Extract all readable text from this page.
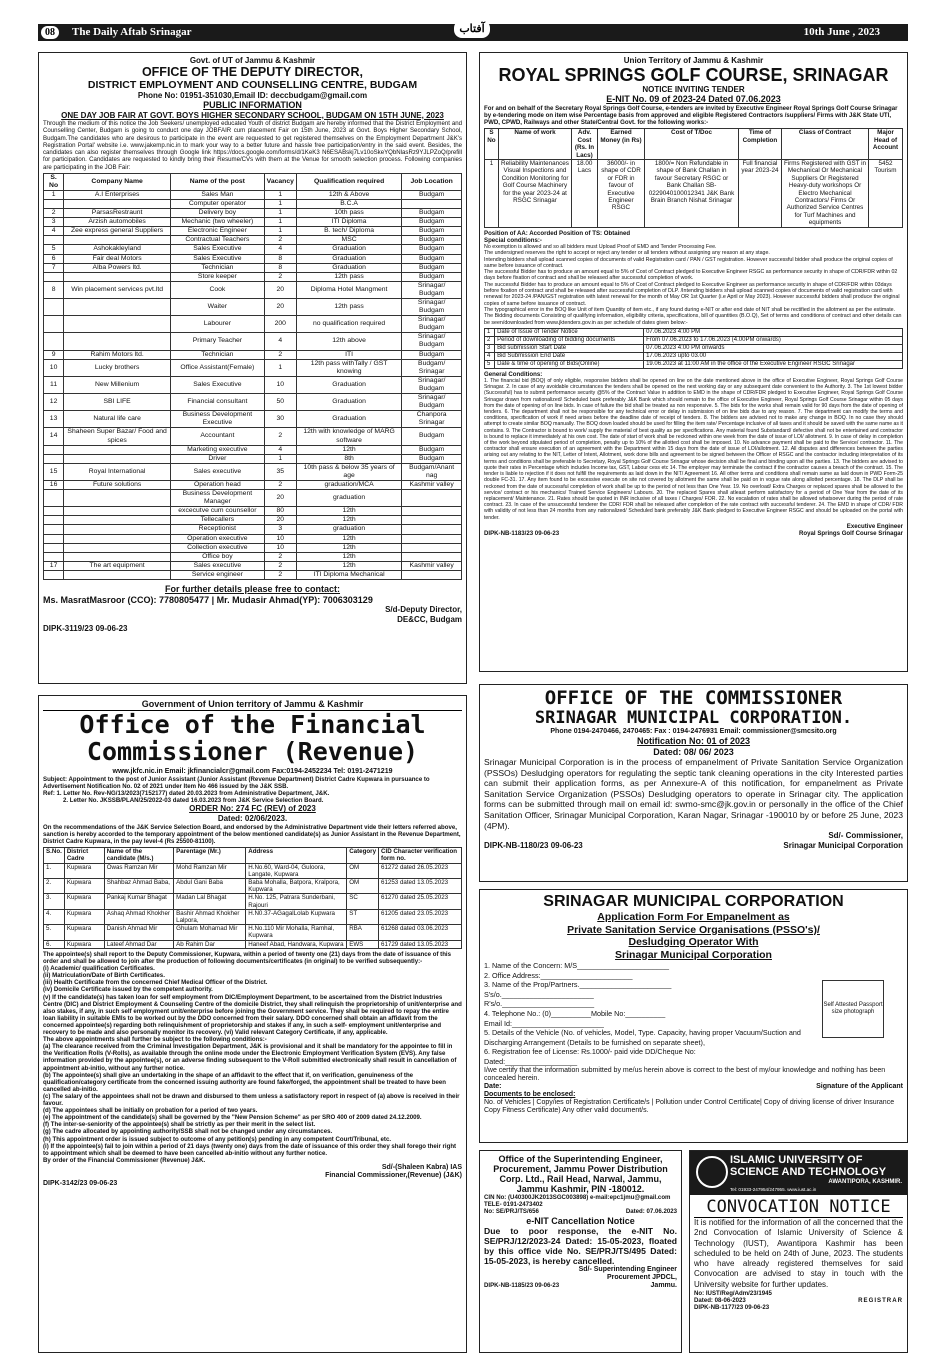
08	The Daily Aftab Srinagar	آفتاب	10th June , 2023

Govt. of UT of Jammu & Kashmir

OFFICE OF THE DEPUTY DIRECTOR,

DISTRICT EMPLOYMENT AND COUNSELLING CENTRE, BUDGAM

Phone No: 01951-351030,Email ID: deccbudgam@gmail.com

PUBLIC INFORMATION

ONE DAY JOB FAIR AT GOVT. BOYS HIGHER SECONDARY SCHOOL, BUDGAM ON 15TH JUNE, 2023

Through the medium of this notice the Job Seekers/ unemployed educated Youth of district Budgam are hereby informed that the District Employment and Counselling Center, Budgam is going to conduct one day JOBFAIR cum placement Fair on 15th June, 2023 at Govt. Boys Higher Secondary School, Budgam.The candidates who are desirous to participate in the event are requested to get registered themselves on the Employment Department J&K's Registration Portal' website i.e. www.jakemp.nic.in to mark your way to a better future and hassle free participation/entry in the said event. Besides, the candidates can also register themselves through Google link https://docs.google.com/forms/d/1KeK3 N6ESABskj7Lv10oSkeYQbNlasRz9YJLPZoQ/prefill for participation. Candidates are requested to kindly bring their Resume/CVs with them at the Venue for smooth selection process. Following companies are participating in the JOB Fair:

S. No	Company Name	Name of the post	Vacancy	Qualification required	Job Location
1	A.I Enterprises	Sales Man	1	12th & Above	Budgam
		Computer operator	1	B.C.A	
2	ParsasRestraunt	Delivery boy	1	10th pass	Budgam
3	Arzish automobiles	Mechanic (two wheeler)	1	ITI Diploma	Budgam
4	Zee express general Suppliers	Electronic Engineer	1	B. tech/ Diploma	Budgam
		Contractual Teachers	2	MSC	Budgam
5	Ashokakleyland	Sales Executive	4	Graduation	Budgam
6	Fair deal Motors	Sales Executive	8	Graduation	Budgam
7	Alba Powers ltd.	Technician	8	Graduation	Budgam
		Store keeper	2	12th pass	Budgam
8	Win placement services pvt.ltd	Cook	20	Diploma Hotel Mangment	Srinagar/ Budgam
		Waiter	20	12th pass	Srinagar/ Budgam
		Labourer	200	no qualification required	Srinagar/ Budgam
		Primary Teacher	4	12th above	Srinagar/ Budgam
9	Rahim Motors ltd.	Technician	2	ITI	Budgam
10	Lucky brothers	Office Assistant(Female)	1	12th pass withTally / GST knowing	Budgam/ Srinagar
11	New Millenium	Sales Executive	10	Graduation	Srinagar/ Budgam
12	SBI LIFE	Financial consultant	50	Graduation	Srinagar/ Budgam
13	Natural life care	Business Development Executive	30	Graduation	Chanpora Srinagar
14	Shaheen Super Bazar/ Food and spices	Accountant	2	12th with knowledge of MARG software	Budgam
		Marketing executive	4	12th	Budgam
		Driver	1	8th	Budgam
15	Royal International	Sales executive	35	10th pass & below 35 years of age	Budgam/Anant nag
16	Future solutions	Operation head	2	graduation/MCA	Kashmir valley
		Business Development Manager	20	graduation	
		excecutve cum counsellor	80	12th	
		Tellecallers	20	12th	
		Receptionist	3	graduation	
		Operation executive	10	12th	
		Collection executive	10	12th	
		Office boy	2	12th	
17	The art equipment	Sales executive	2	12th	Kashmir valley
		Service engineer	2	ITI Diploma Mechanical	

For further details please free to contact:

Ms. MasratMasroor (CCO): 7780805477 | Mr. Mudasir Ahmad(YP): 7006303129

S/d-Deputy Director,

DE&CC, Budgam

DIPK-3119/23 09-06-23

Union Territory of Jammu & Kashmir

ROYAL SPRINGS GOLF COURSE, SRINAGAR

NOTICE INVITING TENDER

E-NIT No. 09 of 2023-24 Dated 07.06.2023

For and on behalf of the Secretary Royal Springs Golf Course, e-tenders are invited by Executive Engineer Royal Springs Golf Course Srinagar by e-tendering mode on item wise Percentage basis from approved and eligible Registered Contractors /suppliers/ Firms with J&K State UTI, PWD, CPWD, Railways and other State/Central Govt. for the following works:-

S No	Name of work	Adv. Cost (Rs. In Lacs)	Earned Money (in Rs)	Cost of T/Doc	Time of Completion	Class of Contract	Major Head of Account
1	Reliability Maintenances Visual Inspections and Condition Monitoring for Golf Course Machinery for the year 2023-24 at RSGC Srinagar	18.00 Lacs	36000/- in shape of CDR or FDR in favour of Executive Engineer RSGC	1800/= Non Refundable in shape of Bank Challan in favour Secretary RSGC or Bank Challan SB-0229040100012341 J&K Bank Brain Branch Nishat Srinagar	Full financial year 2023-24	Firms Registered with GST in Mechanical Or Mechanical Suppliers Or Registered Heavy-duty workshops Or Electro Mechanical Contractors/ Firms Or Authorized Service Centres for Turf Machines and equipments	5452 Tourism

Position of AA: Accorded Position of TS: Obtained

Special conditions:-

No exemption is allowed and so all bidders must Upload Proof of EMD and Tender Processing Fee.

The undersigned reserves the right to accept or reject any tender or all tenders without assigning any reason at any stage.

Intending bidders shall upload scanned copies of documents of valid Registration card / PAN / GST registration. However successful bidder shall produce the original copies of same before issuance of contract.

The successful Bidder has to produce an amount equal to 5% of Cost of Contract pledged to Executive Engineer RSGC as performance security in shape of CDR/FDR within 02 days before fixation of contract and shall be released after successful completion of work.

The successful Bidder has to produce an amount equal to 5% of Cost of Contract pledged to Executive Engineer as performance security in shape of CDR/FDR within 03days before fixation of contract and shall be released after successful completion of DLP. /Intending bidders shall upload scanned copies of documents of valid registration card with renewal for 2023-24 /PAN/GST registration with latest renewal for the month of May OR 1st Quarter (i.e April or May 2023). However successful bidders shall produce the original copies of same before issuance of contract.

The typographical error in the BOQ like Unit of item Quantity of item etc., if any found during e-NIT or after end date of NIT shall be rectified in the allotment as per the estimate. The Bidding documents Consisting of qualifying information, eligibility criteria, specifications, bill of quantities (B.O.Q), Set of terms and conditions of contract and other details can be seen/downloaded from www.jktenders.gov.in as per schedule of dates given below:-

1	Date of Issue of Tender Notice	07.06.2023 4:00 PM
2	Period of downloading of bidding documents	From 07.06.2023 to 17.06.2023 (4.00PM onwards)
3	Bid submission Start Date	07.06.2023 4:00 PM onwards
4	Bid Submission End Date	17.06.2023 upto 03.00
5	Date & time of opening of Bids(Online)	19.06.2023 at 11:00 AM in the office of the Executive Engineer RSGC Srinagar

General Conditions:

1. The financial bid (BOQ) of only eligible, responsive bidders shall be opened on line on the date mentioned above in the office of Executive Engineer, Royal Springs Golf Course Srinagar. 2. In case of any avoidable circumstances the tenders shall be opened on the next working day or any subsequent date convenient to the Authority. 3. The 1st lowest bidder (Successful) has to submit performance security @5% of the Contract Value in addition to EMD in the shape of CDR/FDR pledged to Executive Engineer, Royal Springs Golf Course Srinagar drawn from nationalized/ Scheduled bank preferably J&K Bank which should remain to the office of Executive Engineer, Royal Springs Golf Course Srinagar within 05 days from the date of opening of on line bids. In case of failure the bid shall be treated as non responsive. 5. The bids for the works shall remain valid for 90 days from the date of opening of tenders. 6. The department shall not be responsible for any technical error or delay in submission of on line bids due to any reason. 7. The department can modify the terms and conditions, specification of work if need arises before the deadline date of receipt of tenders. 8. The bidders are advised not to make any change in BOQ. In no case they should attempt to create similar BOQ manually. The BOQ down loaded should be used for filling the item rate/ Percentage inclusive of all taxes and it should be saved with the same name as it contains. 9. The Contractor is bound to work/ supply the material of best quality as per specifications. Any material found Substandard/ defective shall not be entertained and contractor is bound to replace it immediately at his own cost. The date of start of work shall be reckoned within one week from the date of issue of LOI/ allotment. 9. In case of delay in completion of the work beyond stipulated period of completion, penalty up to 10% of the allotted cost shall be imposed. 10. No advance payment shall be paid to the Service/ contractor. 11. The contractor shall ensure execution of an agreement with the Department within 15 days from the date of issue of LOI/allotment. 12. All disputes and differences between the parties arising out any relating to the NIT, Letter of Intent, Allotment, work done bills and agreement to be signed between the Officer of RSGC and the contractor including interpretation of its terms and conditions shall be preferable to Secretary, Royal Springs Golf Course Srinagar whose decision shall be final and binding upon all the parties. 13. The bidders are advised to quote their rates in Percentage which includes Income tax, GST, Labour cess etc 14. The employer may terminate the contract if the contractor causes a breach of the contract. 15. The tender is liable to rejection if it does not fulfill the requirements as laid down in the NIT/ Agreement 16. All other terms and conditions shall remain same as laid down in PWD Form-25 double FC-31. 17. Any item found to be excessive execute on site not covered by allotment the same shall be paid on in vogue rate along allotted percentage. 18. The DLP shall be reckoned from the date of successful completion of work shall be up to the period of not less than One Year. 19. No overload/ Extra Charges or replaced spares shall be allowed to the service/ contract or his mechanics/ Trained Service Engineers/ Labours. 20. The replaced Spares shall atleast perform satisfactory for a period of One Year from the date of its replacement/ Maintenance. 21. Rates should be quoted in INR inclusive of all taxes / Charges/ FOR. 22. No escalation of rates shall be allowed whatsoever during the period of rate contract. 23. In case of the unsuccessful tenderer the CDR/ FDR shall be released after completion of the rate contract with successful tenderer. 24. The EMD in shape of CDR/ FDR with validity of not less than 24 months from any nationalized/ Scheduled bank preferably J&K Bank pledged to Executive Engineer RSGC and should be uploaded on the portal with tender.

Executive Engineer

DIPK-NB-1183/23 09-06-23	Royal Springs Golf Course Srinagar

Government of Union territory of Jammu & Kashmir

Office of the Financial

Commissioner (Revenue)

www.jkfc.nic.in Email: jkfinancialcr@gmail.com Fax:0194-2452234 Tel: 0191-2471219

Subject: Appointment to the post of Junior Assistant (Junior Assistant (Revenue Department) District Cadre Kupwara in pursuance to Advertisement Notification No. 02 of 2021 under Item No 466 issued by the J&K SSB.

Ref: 1. Letter No. Rev-NG/13/2023(7152177) dated 20.03.2023 from Administrative Department, J&K.

2. Letter No. JKSSB/PLAN/25/2022-03 dated 16.03.2023 from J&K Service Selection Board.

ORDER No: 274 FC (REV) of 2023

Dated: 02/06/2023.

On the recommendations of the J&K Service Selection Board, and endorsed by the Administrative Department vide their letters referred above, sanction is hereby accorded to the temporary appointment of the below mentioned candidate(s) as Junior Assistant in the Revenue Department, District Cadre Kupwara, in the pay level-4 (Rs 25500-81100).

S.No.	District Cadre	Name of the candidate (M/s.)	Parentage (Mr.)	Address	Category	CID Character verification form no.
1.	Kupwara	Owas Ramzan Mir	Mohd Ramzan Mir	H.No.60, Ward-04, Guloora, Langate, Kupwara	OM	61272 dated 26.05.2023
2.	Kupwara	Shahbaz Ahmad Baba,	Abdul Gani Baba	Baba Mohalla, Batpora, Kralpora, Kupwara	OM	61253 dated 13.05.2023
3.	Kupwara	Pankaj Kumar Bhagat	Madan Lal Bhagat	H.No. 125, Patrara Sunderbani, Rajouri	SC	61270 dated 25.05.2023
4.	Kupwara	Ashaq Ahmad Khokher	Bashir Ahmad Khokher Lalpora,	H.N0.37-AGagalLolab Kupwara	ST	61205 dated 23.05.2023
5.	Kupwara	Danish Ahmad Mir	Ghulam Mohamad Mir	H.No.110 Mir Mohalla, Ramhal, Kupwara	RBA	61268 dated 03.06.2023
6.	Kupwara	Lateef Ahmad Dar	Ab Rahim Dar	Haneef Abad, Handwara, Kupwara	EWS	61729 dated 13.05.2023

The appointee(s) shall report to the Deputy Commissioner, Kupwara, within a period of twenty one (21) days from the date of issuance of this order and shall be allowed to join after the production of following documents/certificates (in original) to be verified subsequently:-

(i) Academic/ qualification Certificates.

(ii) Matriculation/Date of Birth Certificates.

(iii) Health Certificate from the concerned Chief Medical Officer of the District.

(iv) Domicile Certificate issued by the competent authority.

(v) If the candidate(s) has taken loan for self employment from DIC/Employment Department, to be ascertained from the District Industries Centre (DIC) and District Employment & Counseling Centre of the domicile District, they shall relinquish the proprietorship of unit/enterprise and also stakes, if any, in such self employment unit/enterprise before joining the Government service. They shall be required to repay the entire loan liability in suitable EMIs to be worked out by the DDO concerned from their salary. DDO concerned shall obtain an affidavit from the concerned appointee(s) regarding both relinquishment of proprietorship and stakes if any, in such a self- employment unit/enterprise and recovery to be made and also personally monitor its recovery. (vi) Valid relevant Category Certificate, if any, applicable.

The above appointments shall further be subject to the following conditions:-

(a) The clearance received from the Criminal Investigation Department, J&K is provisional and it shall be mandatory for the appointee to fill in the Verification Rolls (V-Rolls), as available through the online mode under the Electronic Employment Verification System (EVS). Any false information provided by the appointee(s), or an adverse finding subsequent to the V-Roll submitted electronically shall result in cancellation of appointment ab-initio, without any further notice.

(b) The appointee(s) shall give an undertaking in the shape of an affidavit to the effect that if, on verification, genuineness of the qualification/category certificate from the concerned issuing authority are found fake/forged, the appointment shall be treated to have been cancelled ab-initio.

(c) The salary of the appointees shall not be drawn and disbursed to them unless a satisfactory report in respect of (a) above is received in their favour.

(d) The appointees shall be initially on probation for a period of two years.

(e) The appointment of the candidate(s) shall be governed by the "New Pension Scheme" as per SRO 400 of 2009 dated 24.12.2009.

(f) The inter-se-seniority of the appointee(s) shall be strictly as per their merit in the select list.

(g) The cadre allocated by appointing authority/SSB shall not be changed under any circumstances.

(h) This appointment order is issued subject to outcome of any petition(s) pending in any competent Court/Tribunal, etc.

(i) If the appointee(s) fail to join within a period of 21 days (twenty one) days from the date of issuance of this order they shall forego their right to appointment which shall be deemed to have been cancelled ab-initio without any further notice.

By order of the Financial Commissioner (Revenue) J&K.

Sd/-(Shaleen Kabra) IAS

Financial Commissioner,(Revenue) (J&K)

DIPK-3142/23 09-06-23

OFFICE OF THE COMMISSIONER

SRINAGAR MUNICIPAL CORPORATION.

Phone 0194-2470466, 2470465: Fax : 0194-2476931 Email: commissioner@smcsito.org

Notification No: 01 of 2023

Dated: 08/ 06/ 2023

Srinagar Municipal Corporation is in the process of empanelment of Private Sanitation Service Organization (PSSOs) Desludging operators for regulating the septic tank cleaning operations in the city Interested parties can submit their application forms, as per Annexure-A of this notification, for empanelment as Private Sanitation Service Organization (PSSOs) Desludging operators to operate in Srinagar city. The application forms can be submitted through mail on email id: swmo-smc@jk.gov.in or personally in the office of the Chief Sanitation Officer, Srinagar Municipal Corporation, Karan Nagar, Srinagar -190010 by or before 25 June, 2023 (4PM).

Sd/- Commissioner,

DIPK-NB-1180/23 09-06-23	Srinagar Municipal Corporation

SRINAGAR MUNICIPAL CORPORATION

Application Form For Empanelment as

Private Sanitation Service Organisations (PSSO's)/

Desludging Operator With

Srinagar Municipal Corporation

1. Name of the Concern: M/S_______________________

2. Office Address:_______________________

3. Name of the Prop/Partners._______________________

S's/o._______________________

R's/o._______________________

4. Telephone No.: (0)__________Mobile No:__________

Email Id:_______________________

5. Details of the Vehicle (No. of vehicles, Model, Type. Capacity, having proper Vacuum/Suction and Discharging Arrangement (Details to be furnished on separate sheet),

6. Registration fee of License: Rs.1000/- paid vide DD/Cheque No:

Dated:__________________

Self Attested Passport size photograph

I/we certify that the information submitted by me/us herein above is correct to the best of my/our knowledge and nothing has been concealed herein.

Date:	Signature of the Applicant

Documents to be enclosed:

No. of Vehicles | Copy/ies of Registration Certificate/s | Pollution under Control Certificate| Copy of driving license of driver Insurance Copy Fitness Certificate) Any other valid document/s.

Office of the Superintending Engineer, Procurement, Jammu Power Distribution Corp. Ltd., Rail Head, Narwal, Jammu, Jammu Kashmir, PIN -180012.

CIN No: (U40300JK2013SGC003898) e-mail:epc1jmu@gmail.com TELE- 0191-2473402

No: SE/PRJ/TS/656	Dated: 07.06.2023

e-NIT Cancellation Notice

Due to poor response, the e-NIT No. SE/PRJ/12/2023-24 Dated: 15-05-2023, floated by this office vide No. SE/PRJ/TS/495 Dated: 15-05-2023, is hereby cancelled.

Sd/- Superintending Engineer

Procurement JPDCL,

DIPK-NB-1185/23 09-06-23	Jammu.

ISLAMIC UNIVERSITY OF

SCIENCE AND TECHNOLOGY

AWANTIPORA, KASHMIR.

Tel: 01933-247954/247955. www.iust.ac.in

CONVOCATION NOTICE

It is notified for the information of all the concerned that the 2nd Convocation of Islamic University of Science & Technology (IUST), Awantipora Kashmir has been scheduled to be held on 24th of June, 2023. The students who have already registered themselves for said Convocation are advised to stay in touch with the University website for further updates.

No: IUST/Reg/Adm/23/1945

Dated: 08-06-2023	REGISTRAR

DIPK-NB-1177/23 09-06-23
